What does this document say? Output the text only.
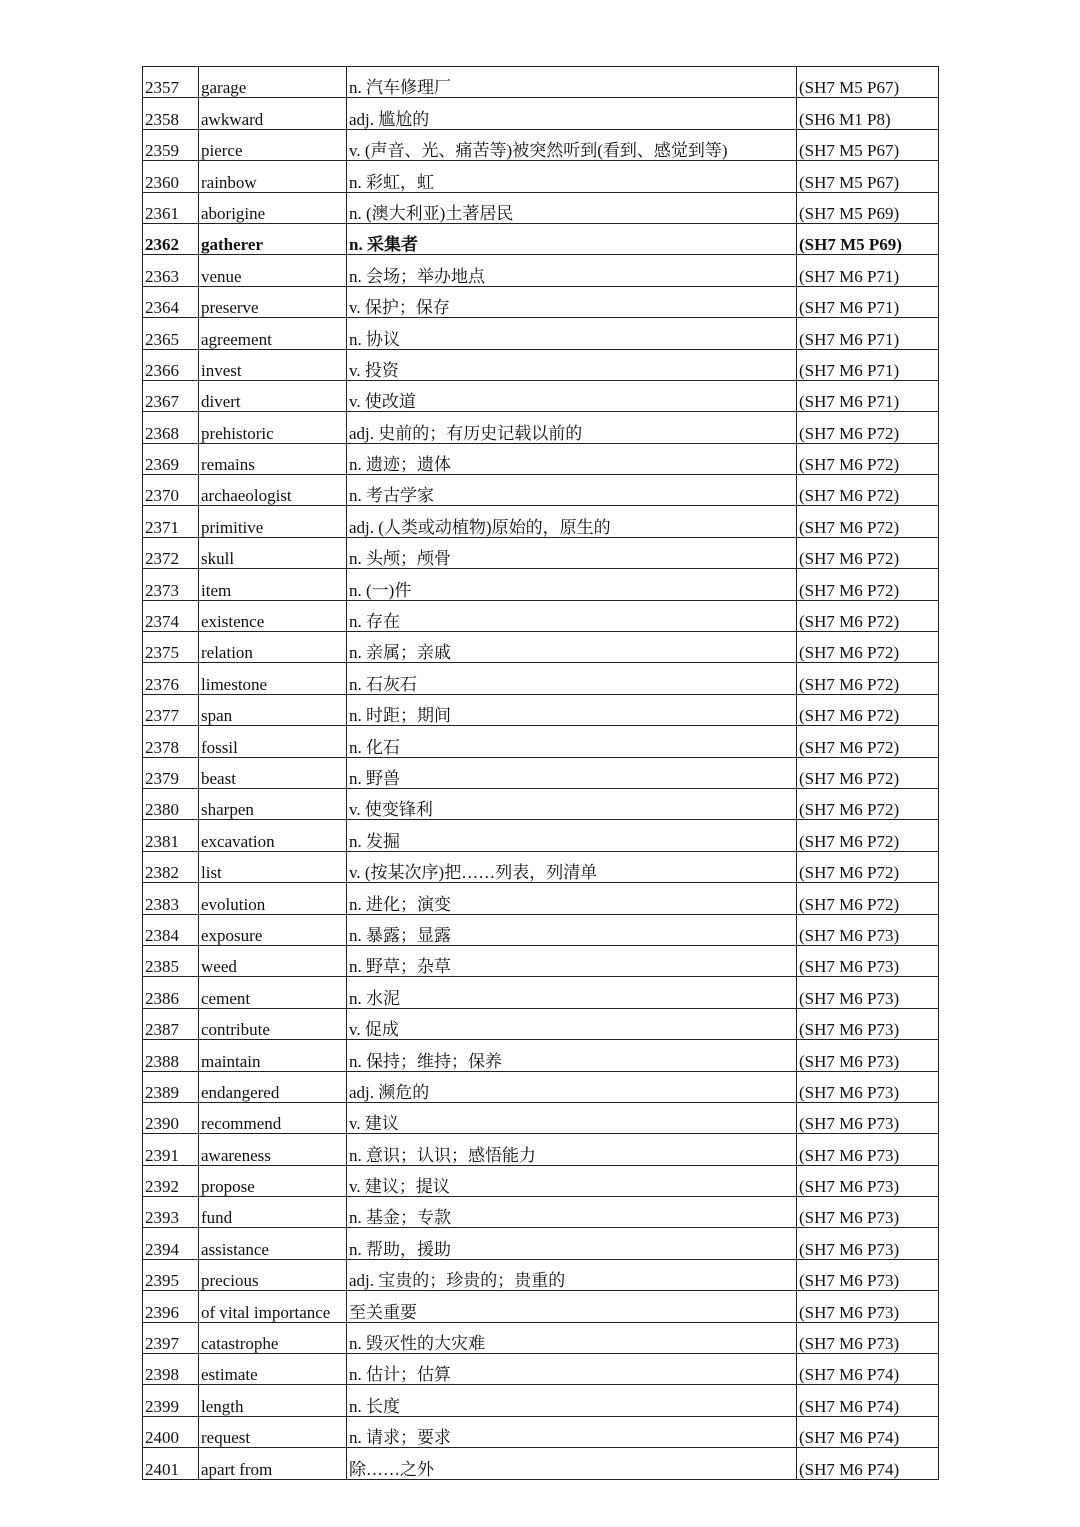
2357	garage	n. 汽车修理厂	(SH7 M5 P67)
2358	awkward	adj. 尴尬的	(SH6 M1 P8)
2359	pierce	v. (声音、光、痛苦等)被突然听到(看到、感觉到等)	(SH7 M5 P67)
2360	rainbow	n. 彩虹，虹	(SH7 M5 P67)
2361	aborigine	n. (澳大利亚)土著居民	(SH7 M5 P69)
2362	gatherer	n. 采集者	(SH7 M5 P69)
2363	venue	n. 会场；举办地点	(SH7 M6 P71)
2364	preserve	v. 保护；保存	(SH7 M6 P71)
2365	agreement	n. 协议	(SH7 M6 P71)
2366	invest	v. 投资	(SH7 M6 P71)
2367	divert	v. 使改道	(SH7 M6 P71)
2368	prehistoric	adj. 史前的；有历史记载以前的	(SH7 M6 P72)
2369	remains	n. 遗迹；遗体	(SH7 M6 P72)
2370	archaeologist	n. 考古学家	(SH7 M6 P72)
2371	primitive	adj. (人类或动植物)原始的，原生的	(SH7 M6 P72)
2372	skull	n. 头颅；颅骨	(SH7 M6 P72)
2373	item	n. (一)件	(SH7 M6 P72)
2374	existence	n. 存在	(SH7 M6 P72)
2375	relation	n. 亲属；亲戚	(SH7 M6 P72)
2376	limestone	n. 石灰石	(SH7 M6 P72)
2377	span	n. 时距；期间	(SH7 M6 P72)
2378	fossil	n. 化石	(SH7 M6 P72)
2379	beast	n. 野兽	(SH7 M6 P72)
2380	sharpen	v. 使变锋利	(SH7 M6 P72)
2381	excavation	n. 发掘	(SH7 M6 P72)
2382	list	v. (按某次序)把……列表，列清单	(SH7 M6 P72)
2383	evolution	n. 进化；演变	(SH7 M6 P72)
2384	exposure	n. 暴露；显露	(SH7 M6 P73)
2385	weed	n. 野草；杂草	(SH7 M6 P73)
2386	cement	n. 水泥	(SH7 M6 P73)
2387	contribute	v. 促成	(SH7 M6 P73)
2388	maintain	n. 保持；维持；保养	(SH7 M6 P73)
2389	endangered	adj. 濒危的	(SH7 M6 P73)
2390	recommend	v. 建议	(SH7 M6 P73)
2391	awareness	n. 意识；认识；感悟能力	(SH7 M6 P73)
2392	propose	v. 建议；提议	(SH7 M6 P73)
2393	fund	n. 基金；专款	(SH7 M6 P73)
2394	assistance	n. 帮助，援助	(SH7 M6 P73)
2395	precious	adj. 宝贵的；珍贵的；贵重的	(SH7 M6 P73)
2396	of vital importance	至关重要	(SH7 M6 P73)
2397	catastrophe	n. 毁灭性的大灾难	(SH7 M6 P73)
2398	estimate	n. 估计；估算	(SH7 M6 P74)
2399	length	n. 长度	(SH7 M6 P74)
2400	request	n. 请求；要求	(SH7 M6 P74)
2401	apart from	除……之外	(SH7 M6 P74)
